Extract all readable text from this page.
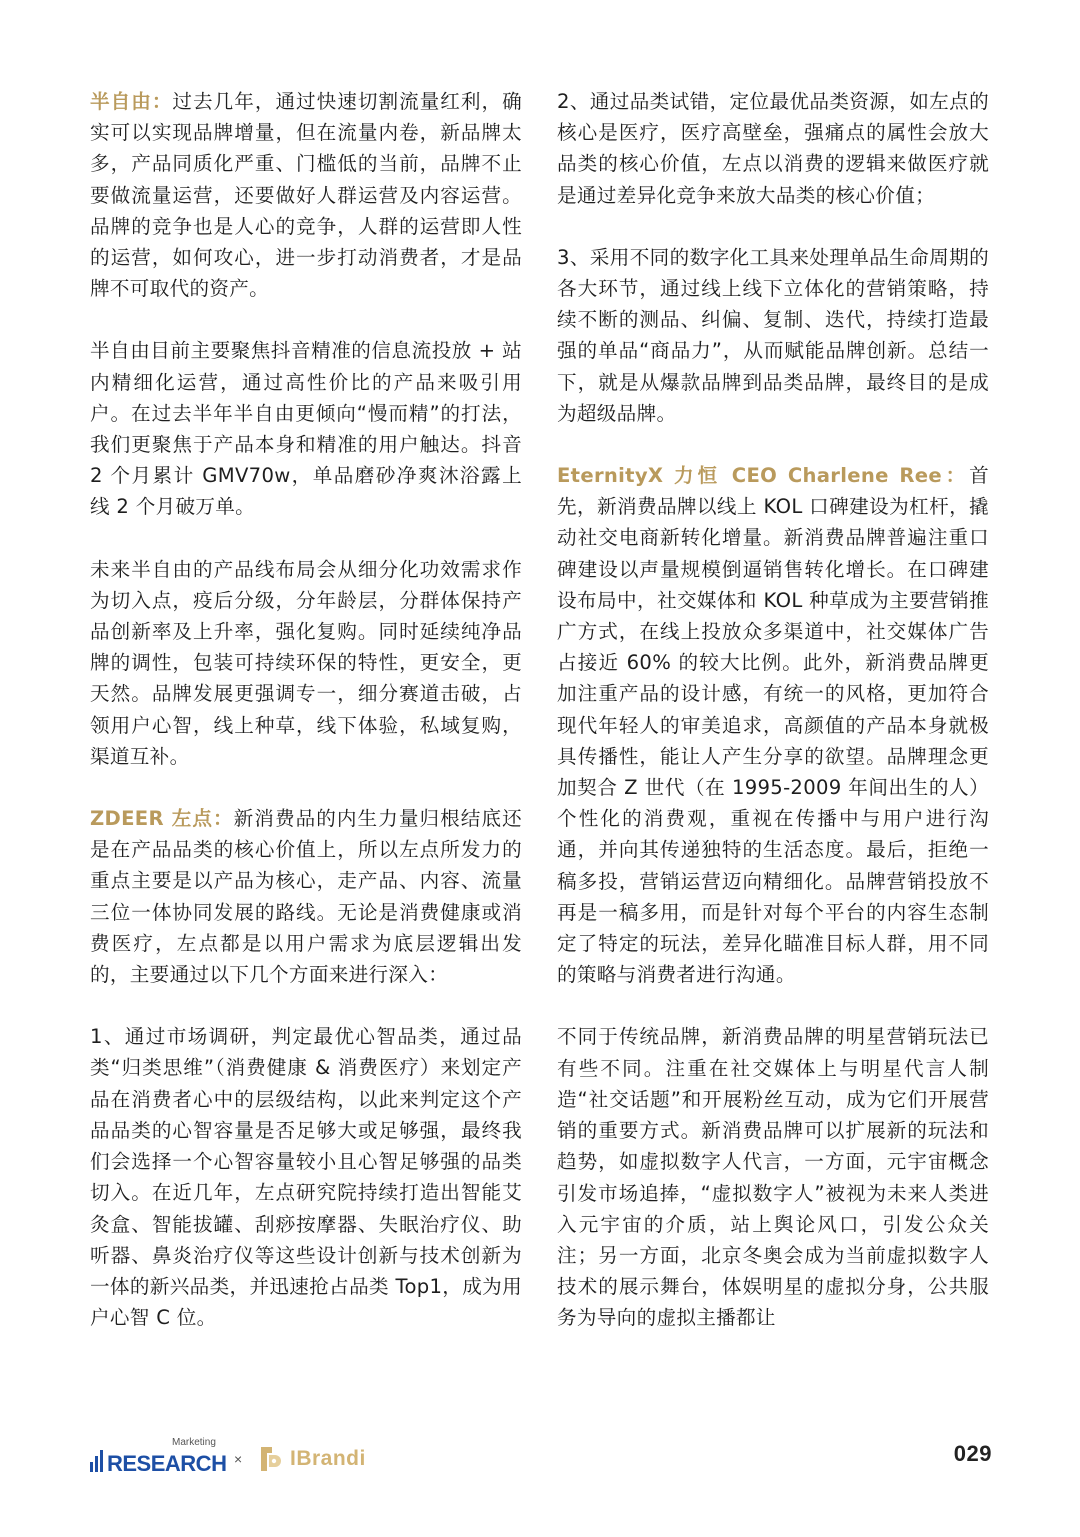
半自由：过去几年，通过快速切割流量红利，确实可以实现品牌增量，但在流量内卷，新品牌太多，产品同质化严重、门槛低的当前，品牌不止要做流量运营，还要做好人群运营及内容运营。品牌的竞争也是人心的竞争，人群的运营即人性的运营，如何攻心，进一步打动消费者，才是品牌不可取代的资产。

半自由目前主要聚焦抖音精准的信息流投放 + 站内精细化运营，通过高性价比的产品来吸引用户。在过去半年半自由更倾向“慢而精”的打法，我们更聚焦于产品本身和精准的用户触达。抖音 2 个月累计 GMV70w，单品磨砂净爽沐浴露上线 2 个月破万单。

未来半自由的产品线布局会从细分化功效需求作为切入点，疫后分级，分年龄层，分群体保持产品创新率及上升率，强化复购。同时延续纯净品牌的调性，包装可持续环保的特性，更安全，更天然。品牌发展更强调专一，细分赛道击破，占领用户心智，线上种草，线下体验，私域复购，渠道互补。

ZDEER 左点：新消费品的内生力量归根结底还是在产品品类的核心价值上，所以左点所发力的重点主要是以产品为核心，走产品、内容、流量三位一体协同发展的路线。无论是消费健康或消费医疗，左点都是以用户需求为底层逻辑出发的，主要通过以下几个方面来进行深入：

1、通过市场调研，判定最优心智品类，通过品类“归类思维”（消费健康 & 消费医疗）来划定产品在消费者心中的层级结构，以此来判定这个产品品类的心智容量是否足够大或足够强，最终我们会选择一个心智容量较小且心智足够强的品类切入。在近几年，左点研究院持续打造出智能艾灸盒、智能拔罐、刮痧按摩器、失眠治疗仪、助听器、鼻炎治疗仪等这些设计创新与技术创新为一体的新兴品类，并迅速抢占品类 Top1，成为用户心智 C 位。

2、通过品类试错，定位最优品类资源，如左点的核心是医疗，医疗高壁垒，强痛点的属性会放大品类的核心价值，左点以消费的逻辑来做医疗就是通过差异化竞争来放大品类的核心价值；

3、采用不同的数字化工具来处理单品生命周期的各大环节，通过线上线下立体化的营销策略，持续不断的测品、纠偏、复制、迭代，持续打造最强的单品“商品力”，从而赋能品牌创新。总结一下，就是从爆款品牌到品类品牌，最终目的是成为超级品牌。

EternityX 力恒 CEO Charlene Ree：首先，新消费品牌以线上 KOL 口碑建设为杠杆，撬动社交电商新转化增量。新消费品牌普遍注重口碑建设以声量规模倒逼销售转化增长。在口碑建设布局中，社交媒体和 KOL 种草成为主要营销推广方式，在线上投放众多渠道中，社交媒体广告占接近 60% 的较大比例。此外，新消费品牌更加注重产品的设计感，有统一的风格，更加符合现代年轻人的审美追求，高颜值的产品本身就极具传播性，能让人产生分享的欲望。品牌理念更加契合 Z 世代（在 1995-2009 年间出生的人）个性化的消费观，重视在传播中与用户进行沟通，并向其传递独特的生活态度。最后，拒绝一稿多投，营销运营迈向精细化。品牌营销投放不再是一稿多用，而是针对每个平台的内容生态制定了特定的玩法，差异化瞄准目标人群，用不同的策略与消费者进行沟通。

不同于传统品牌，新消费品牌的明星营销玩法已有些不同。注重在社交媒体上与明星代言人制造“社交话题”和开展粉丝互动，成为它们开展营销的重要方式。新消费品牌可以扩展新的玩法和趋势，如虚拟数字人代言，一方面，元宇宙概念引发市场追捧，“虚拟数字人”被视为未来人类进入元宇宙的介质，站上舆论风口，引发公众关注；另一方面，北京冬奥会成为当前虚拟数字人技术的展示舞台，体娱明星的虚拟分身，公共服务为导向的虚拟主播都让

RESEARCH
Marketing
× IBrandi	029
